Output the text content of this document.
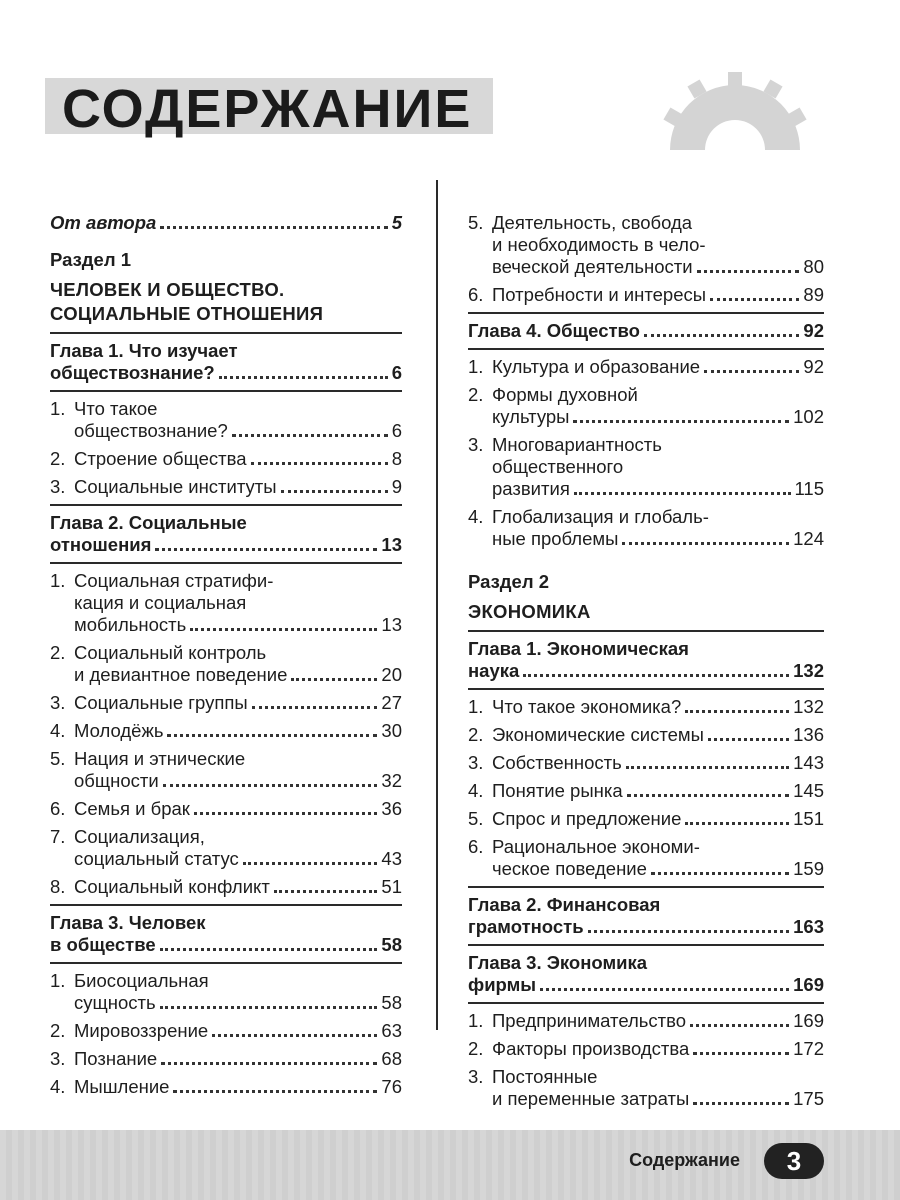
СОДЕРЖАНИЕ
От автора	5
Раздел 1
ЧЕЛОВЕК И ОБЩЕСТВО.
СОЦИАЛЬНЫЕ ОТНОШЕНИЯ
Глава 1. Что изучает
обществознание?	6
1. Что такое
обществознание?	6
2. Строение общества	8
3. Социальные институты	9
Глава 2. Социальные
отношения	13
1. Социальная стратифи-
кация и социальная
мобильность	13
2. Социальный контроль
и девиантное поведение	20
3. Социальные группы	27
4. Молодёжь	30
5. Нация и этнические
общности	32
6. Семья и брак	36
7. Социализация,
социальный статус	43
8. Социальный конфликт	51
Глава 3. Человек
в обществе	58
1. Биосоциальная
сущность	58
2. Мировоззрение	63
3. Познание	68
4. Мышление	76
5. Деятельность, свобода
и необходимость в чело-
веческой деятельности	80
6. Потребности и интересы	89
Глава 4. Общество	92
1. Культура и образование	92
2. Формы духовной
культуры	102
3. Многовариантность
общественного
развития	115
4. Глобализация и глобаль-
ные проблемы	124
Раздел 2
ЭКОНОМИКА
Глава 1. Экономическая
наука	132
1. Что такое экономика?	132
2. Экономические системы	136
3. Собственность	143
4. Понятие рынка	145
5. Спрос и предложение	151
6. Рациональное экономи-
ческое поведение	159
Глава 2. Финансовая
грамотность	163
Глава 3. Экономика
фирмы	169
1. Предпринимательство	169
2. Факторы производства	172
3. Постоянные
и переменные затраты	175
Содержание	3
